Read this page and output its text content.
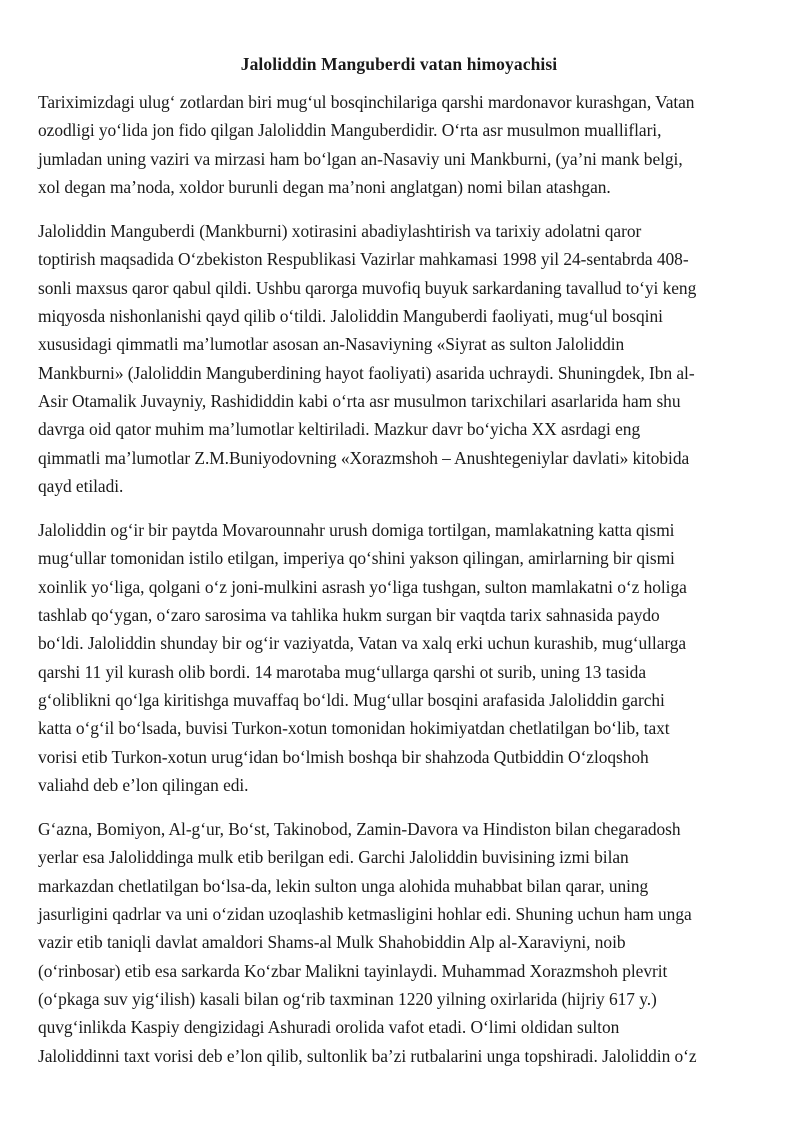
Jaloliddin Manguberdi vatan himoyachisi
Tariximizdagi ulug‘ zotlardan biri mug‘ul bosqinchilariga qarshi mardonavor kurashgan, Vatan
ozodligi yo‘lida jon fido qilgan Jaloliddin Manguberdidir. O‘rta asr musulmon mualliflari,
jumladan uning vaziri va mirzasi ham bo‘lgan an-Nasaviy uni Mankburni, (ya’ni mank belgi,
xol degan ma’noda, xoldor burunli degan ma’noni anglatgan) nomi bilan atashgan.
Jaloliddin Manguberdi (Mankburni) xotirasini abadiylashtirish va tarixiy adolatni qaror
toptirish maqsadida O‘zbekiston Respublikasi Vazirlar mahkamasi 1998 yil 24-sentabrda 408-
sonli maxsus qaror qabul qildi. Ushbu qarorga muvofiq buyuk sarkardaning tavallud to‘yi keng
miqyosda nishonlanishi qayd qilib o‘tildi. Jaloliddin Manguberdi faoliyati, mug‘ul bosqini
xususidagi qimmatli ma’lumotlar asosan an-Nasaviyning «Siyrat as sulton Jaloliddin
Mankburni» (Jaloliddin Manguberdining hayot faoliyati) asarida uchraydi. Shuningdek, Ibn al-
Asir Otamalik Juvayniy, Rashididdin kabi o‘rta asr musulmon tarixchilari asarlarida ham shu
davrga oid qator muhim ma’lumotlar keltiriladi. Mazkur davr bo‘yicha XX asrdagi eng
qimmatli ma’lumotlar Z.M.Buniyodovning «Xorazmshoh – Anushtegeniylar davlati» kitobida
qayd etiladi.
Jaloliddin og‘ir bir paytda Movarounnahr urush domiga tortilgan, mamlakatning katta qismi
mug‘ullar tomonidan istilo etilgan, imperiya qo‘shini yakson qilingan, amirlarning bir qismi
xoinlik yo‘liga, qolgani o‘z joni-mulkini asrash yo‘liga tushgan, sulton mamlakatni o‘z holiga
tashlab qo‘ygan, o‘zaro sarosima va tahlika hukm surgan bir vaqtda tarix sahnasida paydo
bo‘ldi. Jaloliddin shunday bir og‘ir vaziyatda, Vatan va xalq erki uchun kurashib, mug‘ullarga
qarshi 11 yil kurash olib bordi. 14 marotaba mug‘ullarga qarshi ot surib, uning 13 tasida
g‘oliblikni qo‘lga kiritishga muvaffaq bo‘ldi. Mug‘ullar bosqini arafasida Jaloliddin garchi
katta o‘g‘il bo‘lsada, buvisi Turkon-xotun tomonidan hokimiyatdan chetlatilgan bo‘lib, taxt
vorisi etib Turkon-xotun urug‘idan bo‘lmish boshqa bir shahzoda Qutbiddin O‘zloqshoh
valiahd deb e’lon qilingan edi.
G‘azna, Bomiyon, Al-g‘ur, Bo‘st, Takinobod, Zamin-Davora va Hindiston bilan chegaradosh
yerlar esa Jaloliddinga mulk etib berilgan edi. Garchi Jaloliddin buvisining izmi bilan
markazdan chetlatilgan bo‘lsa-da, lekin sulton unga alohida muhabbat bilan qarar, uning
jasurligini qadrlar va uni o‘zidan uzoqlashib ketmasligini hohlar edi. Shuning uchun ham unga
vazir etib taniqli davlat amaldori Shams-al Mulk Shahobiddin Alp al-Xaraviyni, noib
(o‘rinbosar) etib esa sarkarda Ko‘zbar Malikni tayinlaydi. Muhammad Xorazmshoh plevrit
(o‘pkaga suv yig‘ilish) kasali bilan og‘rib taxminan 1220 yilning oxirlarida (hijriy 617 y.)
quvg‘inlikda Kaspiy dengizidagi Ashuradi orolida vafot etadi. O‘limi oldidan sulton
Jaloliddinni taxt vorisi deb e’lon qilib, sultonlik ba’zi rutbalarini unga topshiradi. Jaloliddin o‘z
